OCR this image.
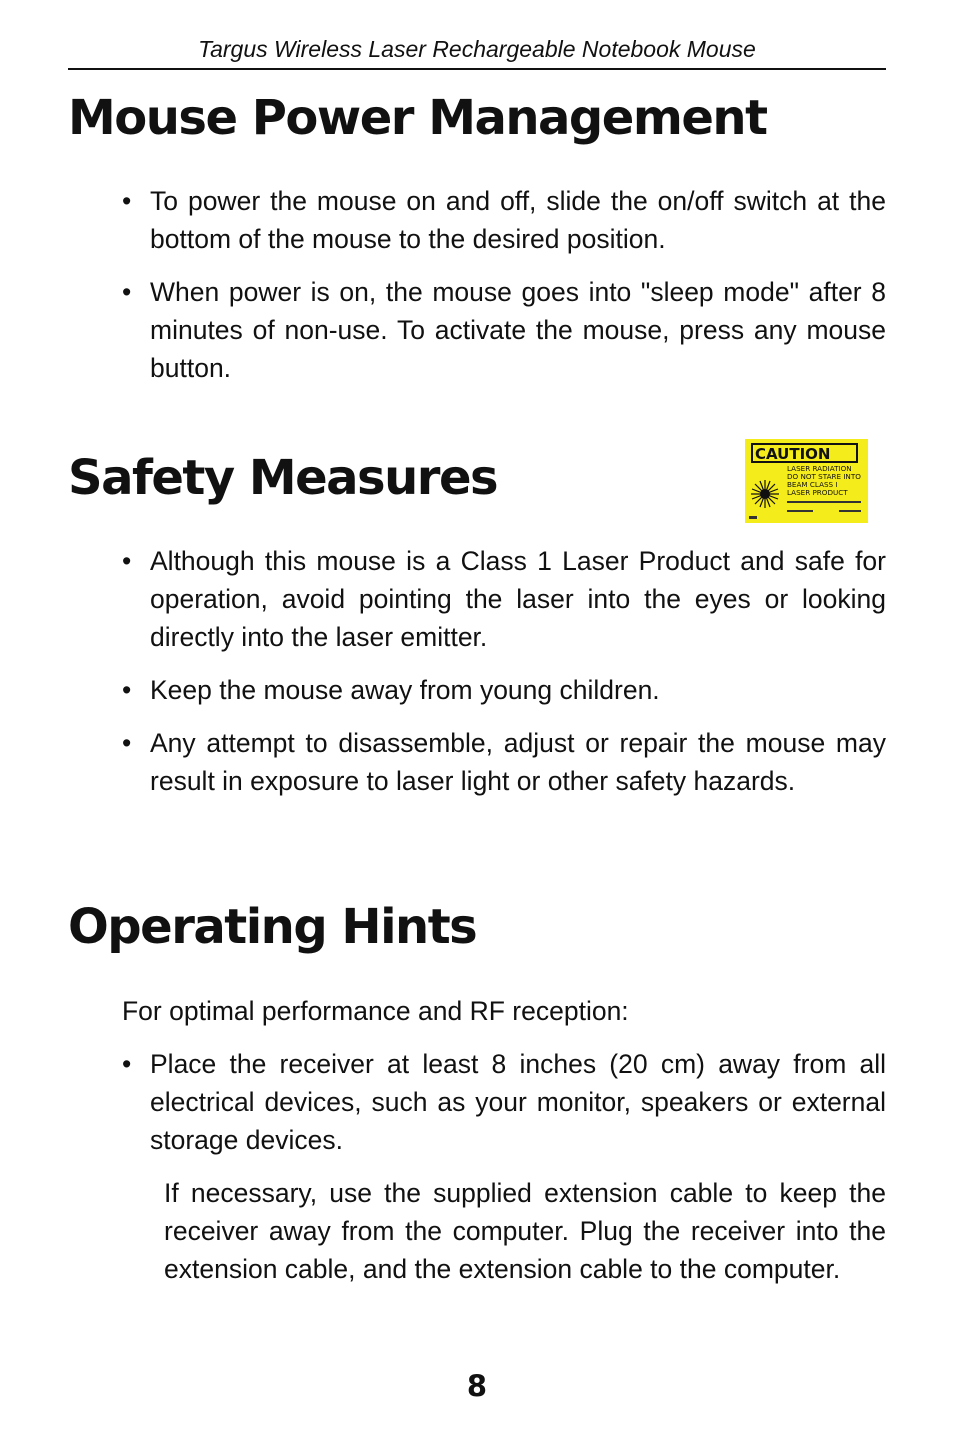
Targus Wireless Laser Rechargeable Notebook Mouse
Mouse Power Management
• To power the mouse on and off, slide the on/off switch at the bottom of the mouse to the desired position.
• When power is on, the mouse goes into "sleep mode" after 8 minutes of non-use. To activate the mouse, press any mouse button.
Safety Measures	CAUTION
LASER RADIATION
DO NOT STARE INTO
BEAM CLASS I
LASER PRODUCT
• Although this mouse is a Class 1 Laser Product and safe for operation, avoid pointing the laser into the eyes or looking directly into the laser emitter.
• Keep the mouse away from young children.
• Any attempt to disassemble, adjust or repair the mouse may result in exposure to laser light or other safety hazards.
Operating Hints

For optimal performance and RF reception:

• Place the receiver at least 8 inches (20 cm) away from all electrical devices, such as your monitor, speakers or external storage devices.

If necessary, use the supplied extension cable to keep the receiver away from the computer. Plug the receiver into the extension cable, and the extension cable to the computer.

8
